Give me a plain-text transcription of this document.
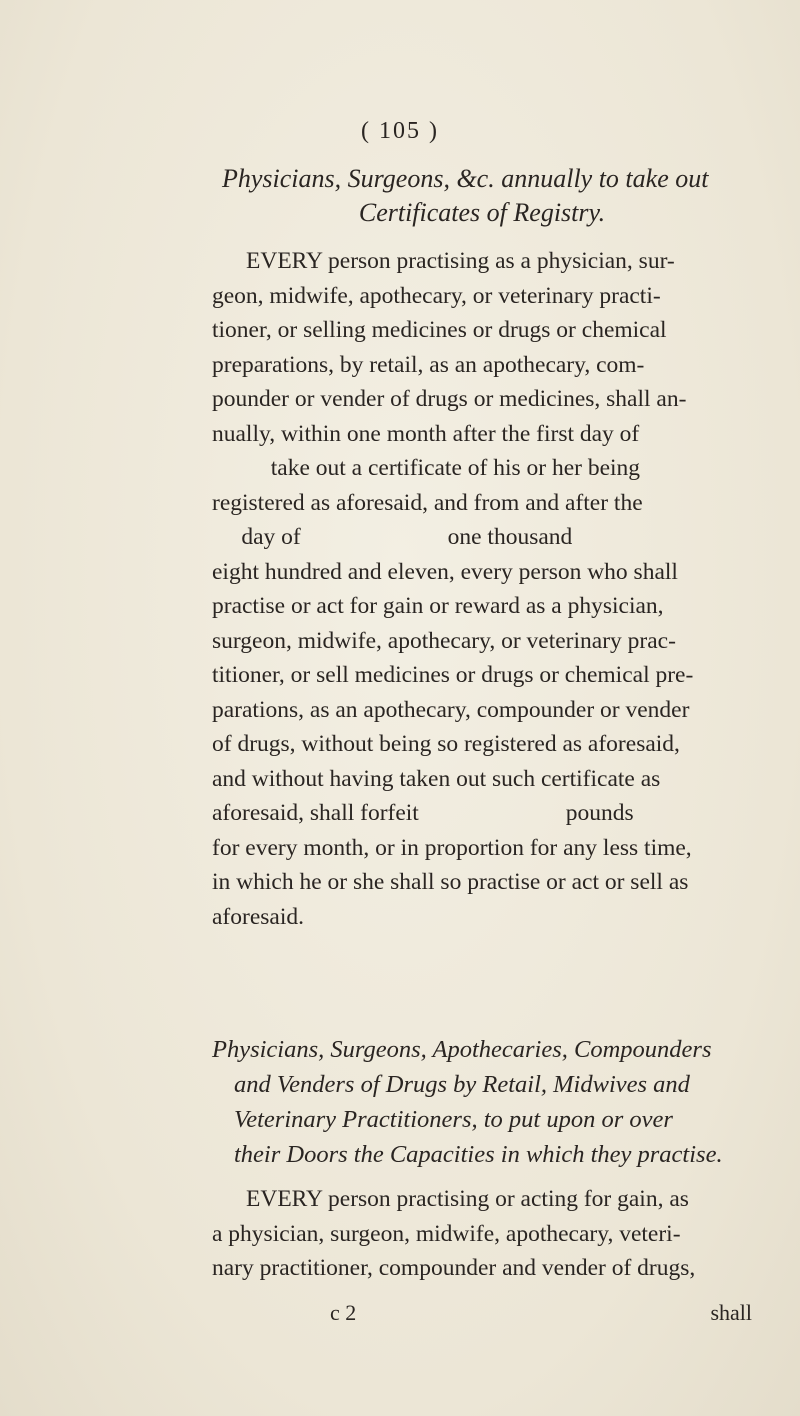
( 105 )
Physicians, Surgeons, &c. annually to take out
Certificates of Registry.
EVERY person practising as a physician, sur-
geon, midwife, apothecary, or veterinary practi-
tioner, or selling medicines or drugs or chemical
preparations, by retail, as an apothecary, com-
pounder or vender of drugs or medicines, shall an-
nually, within one month after the first day of
take out a certificate of his or her being
registered as aforesaid, and from and after the
day of                         one thousand
eight hundred and eleven, every person who shall
practise or act for gain or reward as a physician,
surgeon, midwife, apothecary, or veterinary prac-
titioner, or sell medicines or drugs or chemical pre-
parations, as an apothecary, compounder or vender
of drugs, without being so registered as aforesaid,
and without having taken out such certificate as
aforesaid, shall forfeit                         pounds
for every month, or in proportion for any less time,
in which he or she shall so practise or act or sell as
aforesaid.
Physicians, Surgeons, Apothecaries, Compounders
and Venders of Drugs by Retail, Midwives and
Veterinary Practitioners, to put upon or over
their Doors the Capacities in which they practise.
EVERY person practising or acting for gain, as
a physician, surgeon, midwife, apothecary, veteri-
nary practitioner, compounder and vender of drugs,
c 2	shall
